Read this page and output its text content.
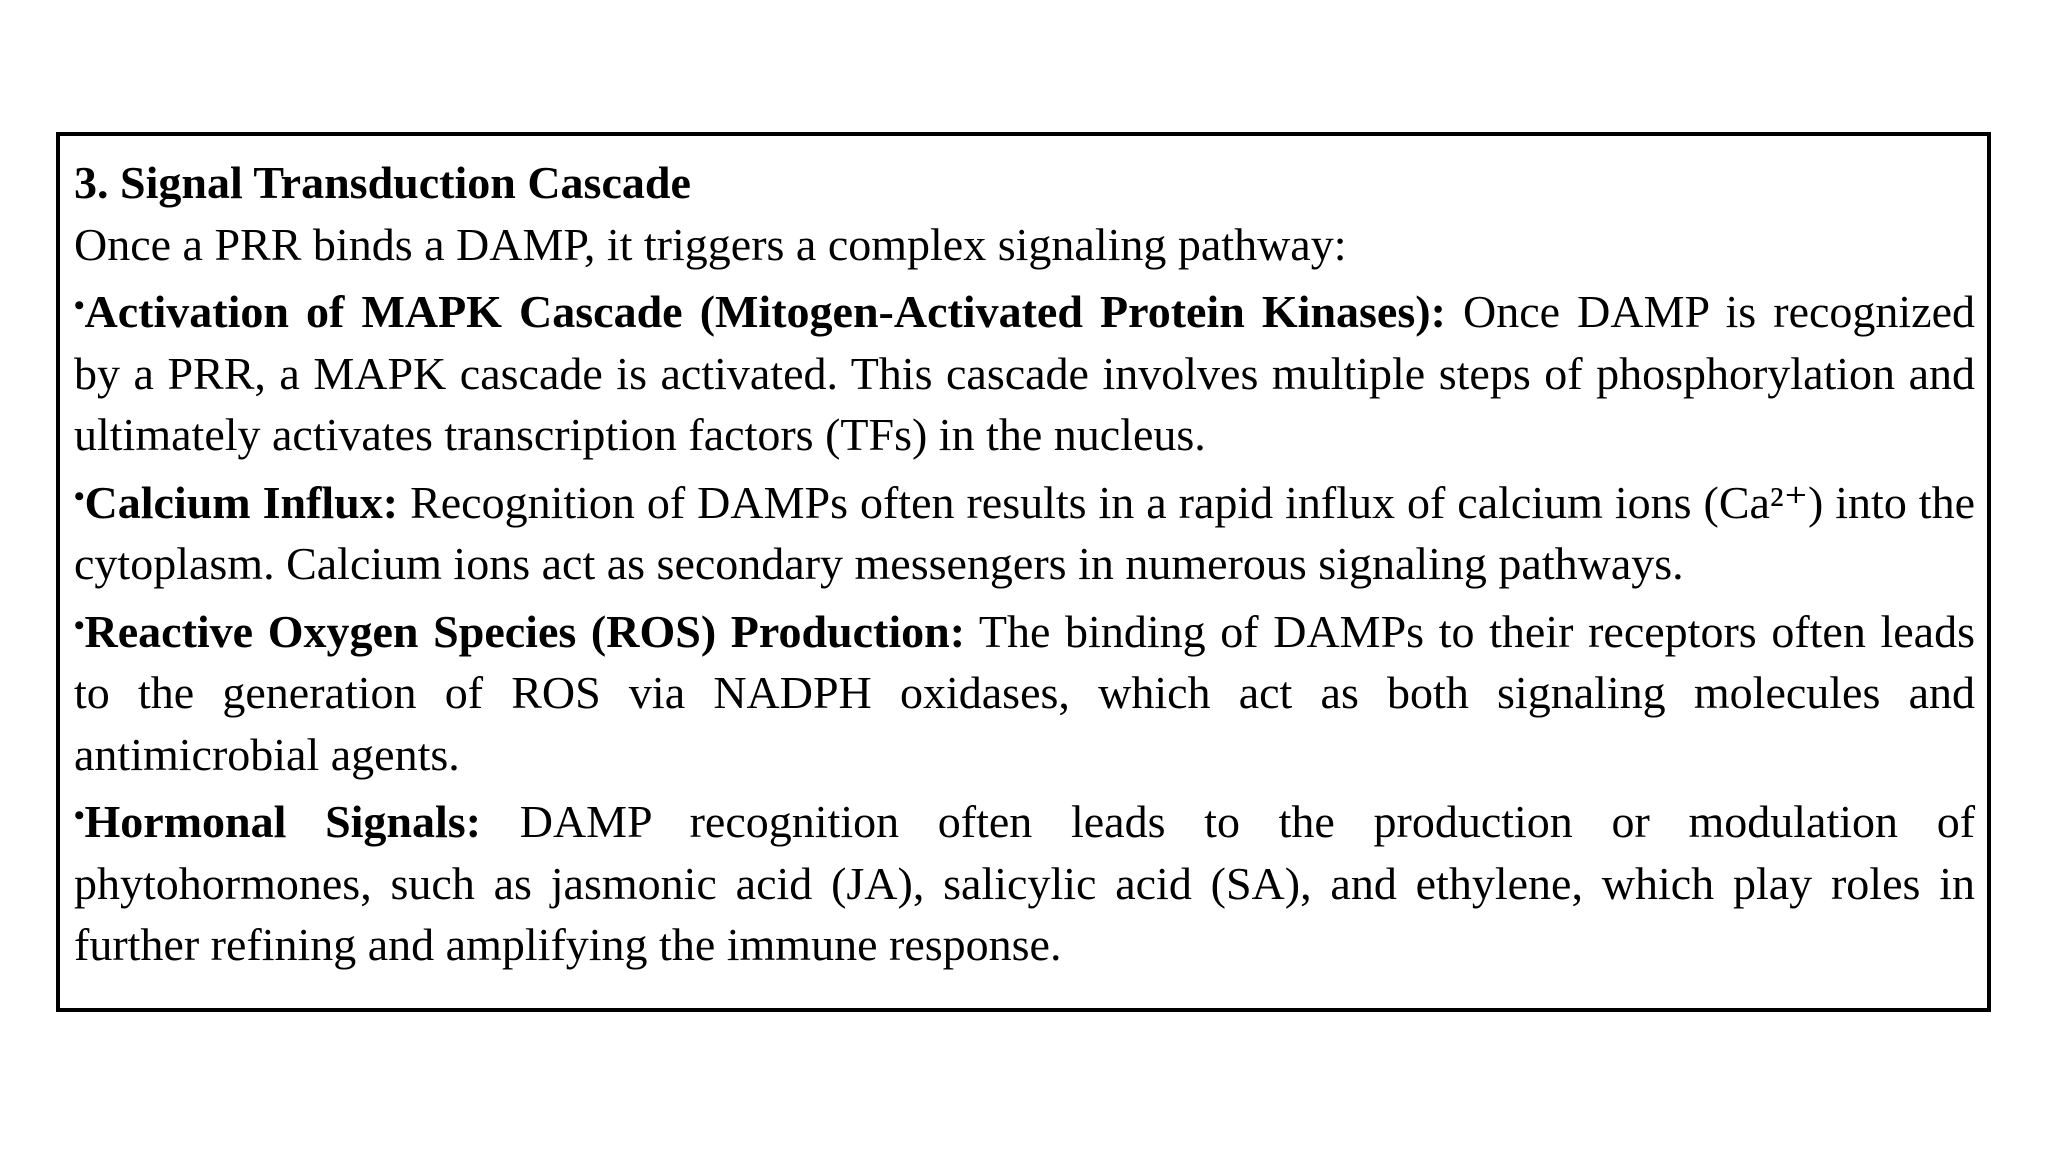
3. Signal Transduction Cascade

Once a PRR binds a DAMP, it triggers a complex signaling pathway:

•Activation of MAPK Cascade (Mitogen-Activated Protein Kinases): Once DAMP is recognized by a PRR, a MAPK cascade is activated. This cascade involves multiple steps of phosphorylation and ultimately activates transcription factors (TFs) in the nucleus.

•Calcium Influx: Recognition of DAMPs often results in a rapid influx of calcium ions (Ca²⁺) into the cytoplasm. Calcium ions act as secondary messengers in numerous signaling pathways.

•Reactive Oxygen Species (ROS) Production: The binding of DAMPs to their receptors often leads to the generation of ROS via NADPH oxidases, which act as both signaling molecules and antimicrobial agents.

•Hormonal Signals: DAMP recognition often leads to the production or modulation of phytohormones, such as jasmonic acid (JA), salicylic acid (SA), and ethylene, which play roles in further refining and amplifying the immune response.
